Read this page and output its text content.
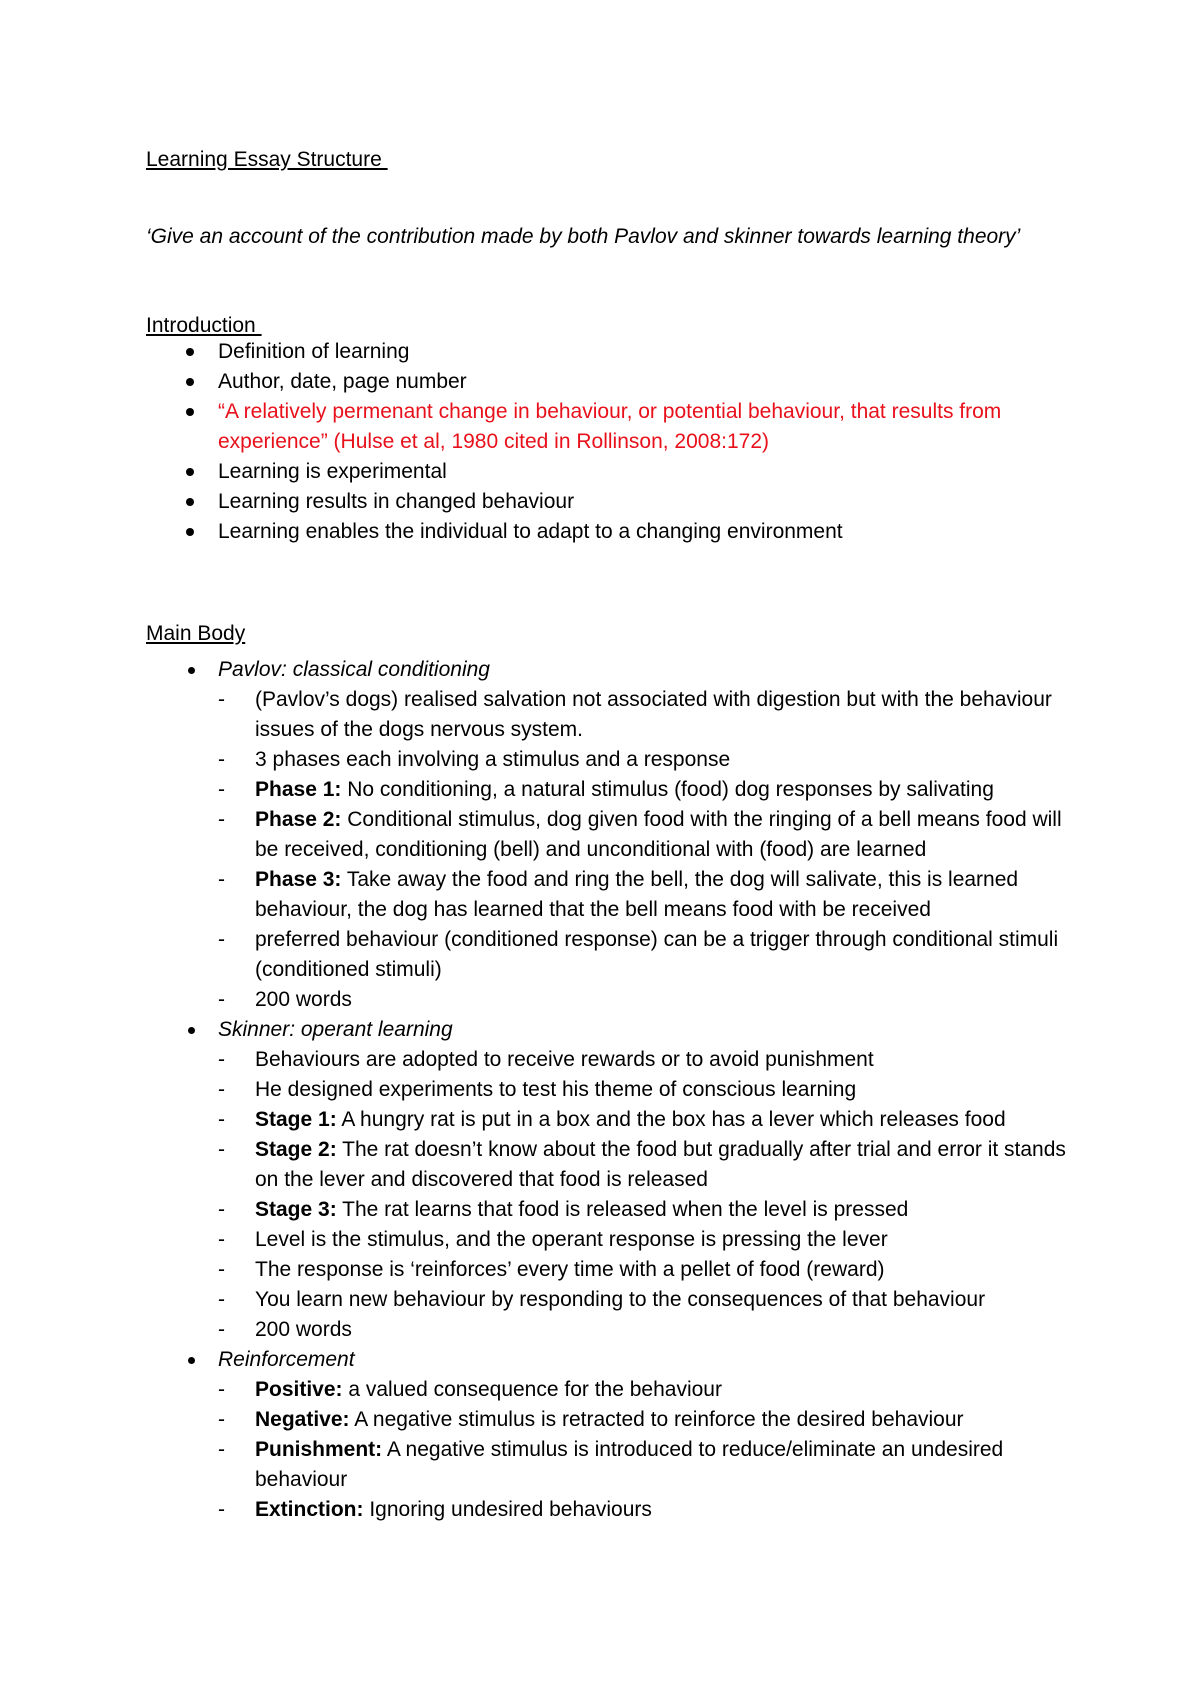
Learning Essay Structure
‘Give an account of the contribution made by both Pavlov and skinner towards learning theory’
Introduction
Definition of learning
Author, date, page number
“A relatively permenant change in behaviour, or potential behaviour, that results from experience” (Hulse et al, 1980 cited in Rollinson, 2008:172)
Learning is experimental
Learning results in changed behaviour
Learning enables the individual to adapt to a changing environment
Main Body
Pavlov: classical conditioning
- (Pavlov’s dogs) realised salvation not associated with digestion but with the behaviour issues of the dogs nervous system.
- 3 phases each involving a stimulus and a response
- Phase 1: No conditioning, a natural stimulus (food) dog responses by salivating
- Phase 2: Conditional stimulus, dog given food with the ringing of a bell means food will be received, conditioning (bell) and unconditional with (food) are learned
- Phase 3: Take away the food and ring the bell, the dog will salivate, this is learned behaviour, the dog has learned that the bell means food with be received
- preferred behaviour (conditioned response) can be a trigger through conditional stimuli (conditioned stimuli)
- 200 words
Skinner: operant learning
- Behaviours are adopted to receive rewards or to avoid punishment
- He designed experiments to test his theme of conscious learning
- Stage 1: A hungry rat is put in a box and the box has a lever which releases food
- Stage 2: The rat doesn’t know about the food but gradually after trial and error it stands on the lever and discovered that food is released
- Stage 3: The rat learns that food is released when the level is pressed
- Level is the stimulus, and the operant response is pressing the lever
- The response is ‘reinforces’ every time with a pellet of food (reward)
- You learn new behaviour by responding to the consequences of that behaviour
- 200 words
Reinforcement
- Positive: a valued consequence for the behaviour
- Negative: A negative stimulus is retracted to reinforce the desired behaviour
- Punishment: A negative stimulus is introduced to reduce/eliminate an undesired behaviour
- Extinction: Ignoring undesired behaviours
